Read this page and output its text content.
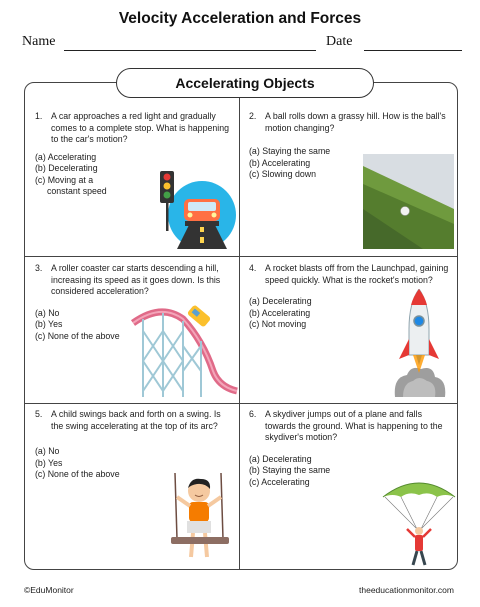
Velocity Acceleration and Forces
Name	Date
Accelerating Objects
1. A car approaches a red light and gradually comes to a complete stop. What is happening to the car's motion?
(a) Accelerating
(b) Decelerating
(c) Moving at a
constant speed
2. A ball rolls down a grassy hill. How is the ball's motion changing?
(a) Staying the same
(b) Accelerating
(c) Slowing down
3. A roller coaster car starts descending a hill, increasing its speed as it goes down. Is this considered acceleration?
(a) No
(b) Yes
(c) None of the above
4. A rocket blasts off from the Launchpad, gaining speed quickly. What is the rocket's motion?
(a) Decelerating
(b) Accelerating
(c) Not moving
5. A child swings back and forth on a swing. Is the swing accelerating at the top of its arc?
(a) No
(b) Yes
(c) None of the above
6. A skydiver jumps out of a plane and falls towards the ground. What is happening to the skydiver's motion?
(a) Decelerating
(b) Staying the same
(c) Accelerating
©EduMonitor	theeducationmonitor.com
